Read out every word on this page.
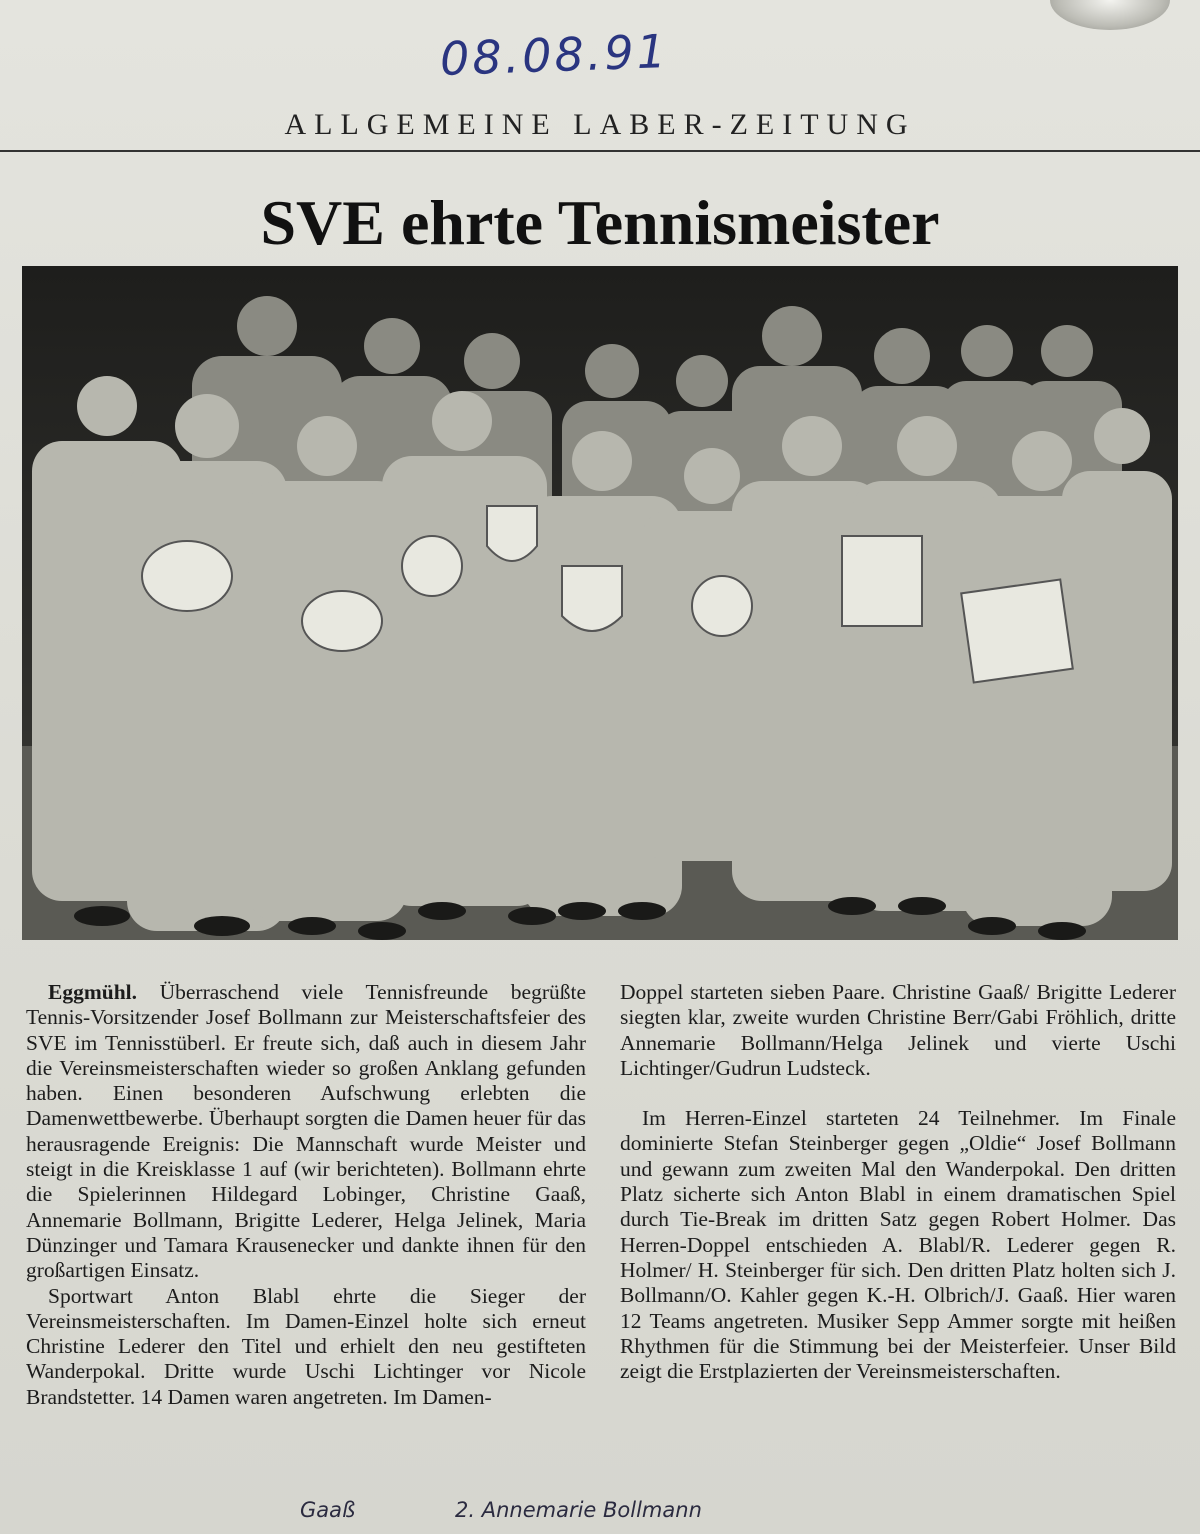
08.08.91
ALLGEMEINE LABER-ZEITUNG
SVE ehrte Tennismeister

Eggmühl. Überraschend viele Tennisfreunde begrüßte Tennis-Vorsitzender Josef Bollmann zur Meisterschaftsfeier des SVE im Tennisstüberl. Er freute sich, daß auch in diesem Jahr die Vereinsmeisterschaften wieder so großen Anklang gefunden haben. Einen besonderen Aufschwung erlebten die Damenwettbewerbe. Überhaupt sorgten die Damen heuer für das herausragende Ereignis: Die Mannschaft wurde Meister und steigt in die Kreisklasse 1 auf (wir berichteten). Bollmann ehrte die Spielerinnen Hildegard Lobinger, Christine Gaaß, Annemarie Bollmann, Brigitte Lederer, Helga Jelinek, Maria Dünzinger und Tamara Krausenecker und dankte ihnen für den großartigen Einsatz.

Sportwart Anton Blabl ehrte die Sieger der Vereinsmeisterschaften. Im Damen-Einzel holte sich erneut Christine Lederer den Titel und erhielt den neu gestifteten Wanderpokal. Dritte wurde Uschi Lichtinger vor Nicole Brandstetter. 14 Damen waren angetreten. Im Damen-

Doppel starteten sieben Paare. Christine Gaaß/ Brigitte Lederer siegten klar, zweite wurden Christine Berr/Gabi Fröhlich, dritte Annemarie Bollmann/Helga Jelinek und vierte Uschi Lichtinger/Gudrun Ludsteck.

Im Herren-Einzel starteten 24 Teilnehmer. Im Finale dominierte Stefan Steinberger gegen „Oldie“ Josef Bollmann und gewann zum zweiten Mal den Wanderpokal. Den dritten Platz sicherte sich Anton Blabl in einem dramatischen Spiel durch Tie-Break im dritten Satz gegen Robert Holmer. Das Herren-Doppel entschieden A. Blabl/R. Lederer gegen R. Holmer/ H. Steinberger für sich. Den dritten Platz holten sich J. Bollmann/O. Kahler gegen K.-H. Olbrich/J. Gaaß. Hier waren 12 Teams angetreten. Musiker Sepp Ammer sorgte mit heißen Rhythmen für die Stimmung bei der Meisterfeier. Unser Bild zeigt die Erstplazierten der Vereinsmeisterschaften.

Gaaß	2. Annemarie Bollmann
